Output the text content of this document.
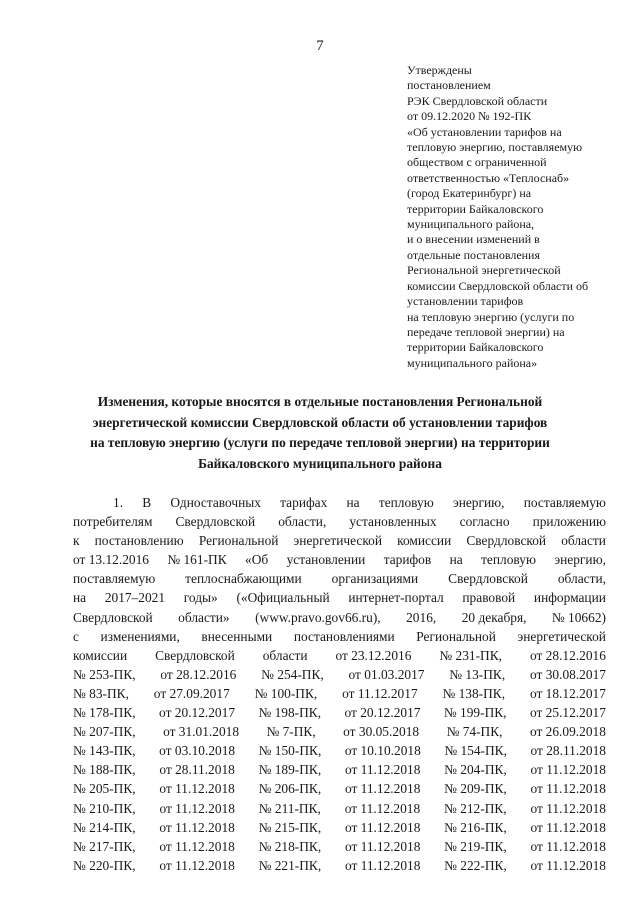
7
Утверждены
постановлением
РЭК Свердловской области
от 09.12.2020 № 192-ПК
«Об установлении тарифов на
тепловую энергию, поставляемую
обществом с ограниченной
ответственностью «Теплоснаб»
(город Екатеринбург) на
территории Байкаловского
муниципального района,
и о внесении изменений в
отдельные постановления
Региональной энергетической
комиссии Свердловской области об
установлении тарифов
на тепловую энергию (услуги по
передаче тепловой энергии) на
территории Байкаловского
муниципального района»
Изменения, которые вносятся в отдельные постановления Региональной
энергетической комиссии Свердловской области об установлении тарифов
на тепловую энергию (услуги по передаче тепловой энергии) на территории
Байкаловского муниципального района
1. В Одноставочных тарифах на тепловую энергию, поставляемую
потребителям Свердловской области, установленных согласно приложению
к постановлению Региональной энергетической комиссии Свердловской области
от 13.12.2016 № 161-ПК «Об установлении тарифов на тепловую энергию,
поставляемую теплоснабжающими организациями Свердловской области,
на 2017–2021 годы» («Официальный интернет-портал правовой информации
Свердловской области» (www.pravo.gov66.ru), 2016, 20 декабря, № 10662)
с изменениями, внесенными постановлениями Региональной энергетической
комиссии Свердловской области от 23.12.2016 № 231-ПК, от 28.12.2016
№ 253-ПК, от 28.12.2016 № 254-ПК, от 01.03.2017 № 13-ПК, от 30.08.2017
№ 83-ПК, от 27.09.2017 № 100-ПК, от 11.12.2017 № 138-ПК, от 18.12.2017
№ 178-ПК, от 20.12.2017 № 198-ПК, от 20.12.2017 № 199-ПК, от 25.12.2017
№ 207-ПК, от 31.01.2018 № 7-ПК, от 30.05.2018 № 74-ПК, от 26.09.2018
№ 143-ПК, от 03.10.2018 № 150-ПК, от 10.10.2018 № 154-ПК, от 28.11.2018
№ 188-ПК, от 28.11.2018 № 189-ПК, от 11.12.2018 № 204-ПК, от 11.12.2018
№ 205-ПК, от 11.12.2018 № 206-ПК, от 11.12.2018 № 209-ПК, от 11.12.2018
№ 210-ПК, от 11.12.2018 № 211-ПК, от 11.12.2018 № 212-ПК, от 11.12.2018
№ 214-ПК, от 11.12.2018 № 215-ПК, от 11.12.2018 № 216-ПК, от 11.12.2018
№ 217-ПК, от 11.12.2018 № 218-ПК, от 11.12.2018 № 219-ПК, от 11.12.2018
№ 220-ПК, от 11.12.2018 № 221-ПК, от 11.12.2018 № 222-ПК, от 11.12.2018
